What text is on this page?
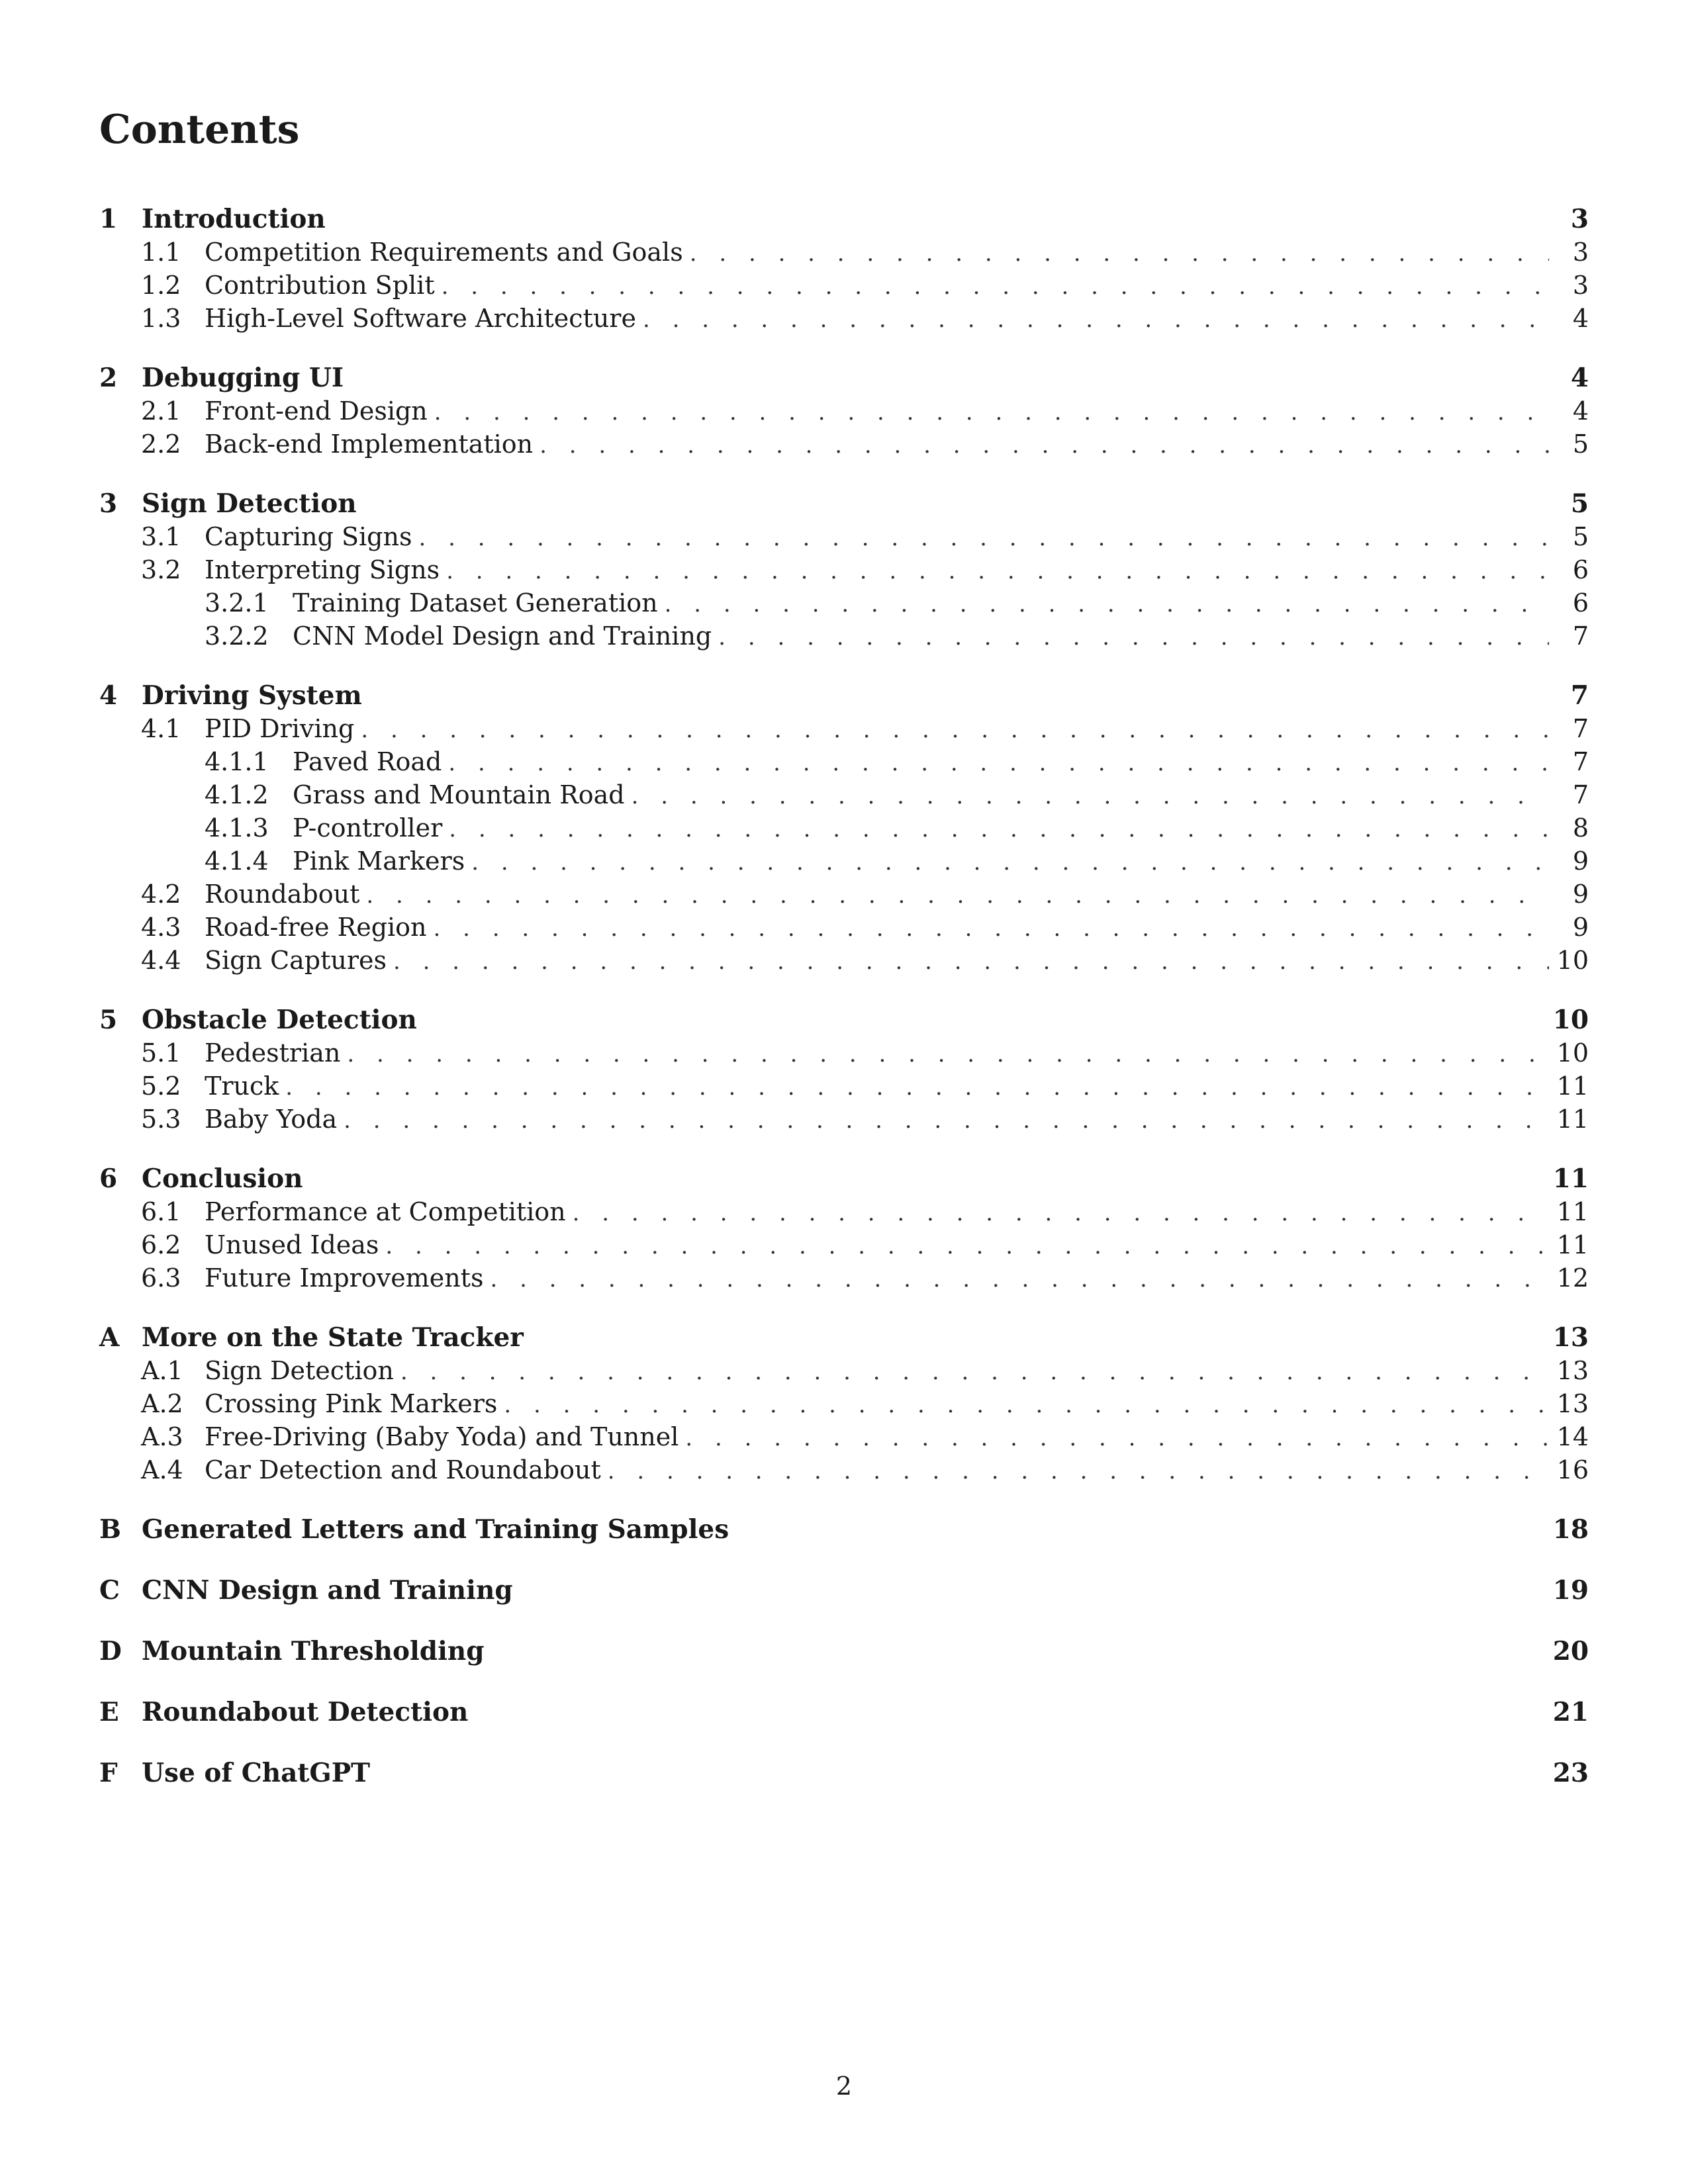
Contents
1 Introduction	3
1.1 Competition Requirements and Goals . . .	3
1.2 Contribution Split . . .	3
1.3 High-Level Software Architecture . . .	4
2 Debugging UI	4
2.1 Front-end Design . . .	4
2.2 Back-end Implementation . . .	5
3 Sign Detection	5
3.1 Capturing Signs . . .	5
3.2 Interpreting Signs . . .	6
3.2.1 Training Dataset Generation . . .	6
3.2.2 CNN Model Design and Training . . .	7
4 Driving System	7
4.1 PID Driving . . .	7
4.1.1 Paved Road . . .	7
4.1.2 Grass and Mountain Road . . .	7
4.1.3 P-controller . . .	8
4.1.4 Pink Markers . . .	9
4.2 Roundabout . . .	9
4.3 Road-free Region . . .	9
4.4 Sign Captures . . .	10
5 Obstacle Detection	10
5.1 Pedestrian . . .	10
5.2 Truck . . .	11
5.3 Baby Yoda . . .	11
6 Conclusion	11
6.1 Performance at Competition . . .	11
6.2 Unused Ideas . . .	11
6.3 Future Improvements . . .	12
A More on the State Tracker	13
A.1 Sign Detection . . .	13
A.2 Crossing Pink Markers . . .	13
A.3 Free-Driving (Baby Yoda) and Tunnel . . .	14
A.4 Car Detection and Roundabout . . .	16
B Generated Letters and Training Samples	18
C CNN Design and Training	19
D Mountain Thresholding	20
E Roundabout Detection	21
F Use of ChatGPT	23
2
